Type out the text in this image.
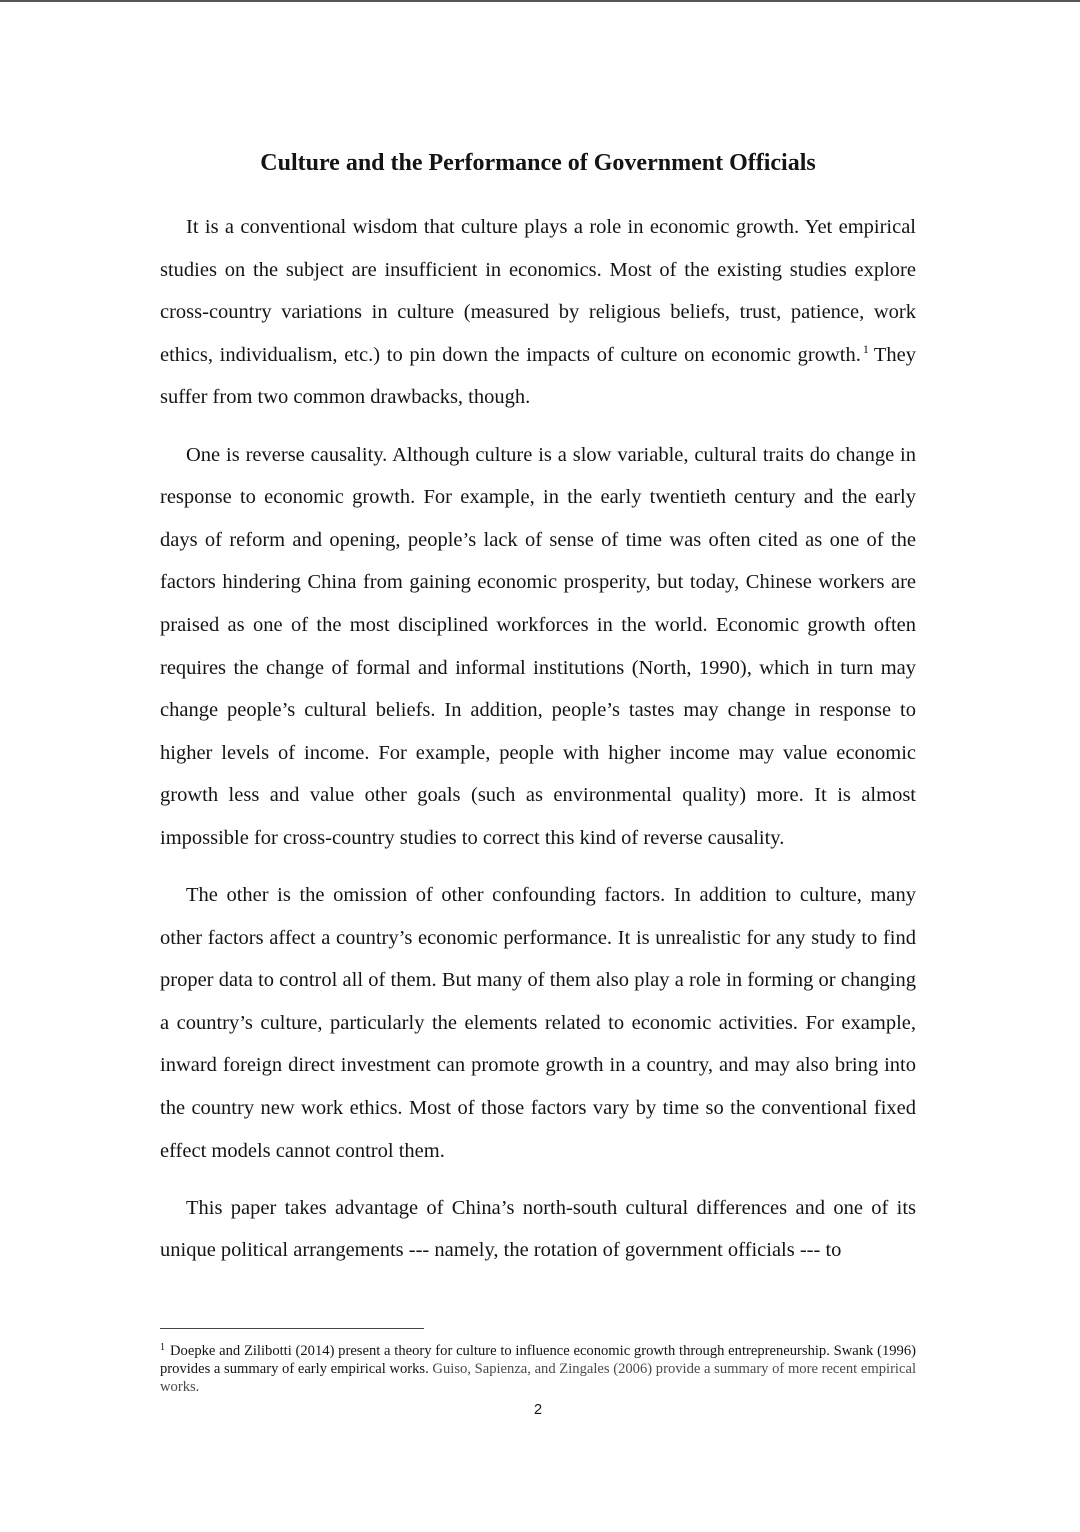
Culture and the Performance of Government Officials

It is a conventional wisdom that culture plays a role in economic growth. Yet empirical studies on the subject are insufficient in economics. Most of the existing studies explore cross-country variations in culture (measured by religious beliefs, trust, patience, work ethics, individualism, etc.) to pin down the impacts of culture on economic growth. $^1$ They suffer from two common drawbacks, though.

One is reverse causality. Although culture is a slow variable, cultural traits do change in response to economic growth. For example, in the early twentieth century and the early days of reform and opening, people’s lack of sense of time was often cited as one of the factors hindering China from gaining economic prosperity, but today, Chinese workers are praised as one of the most disciplined workforces in the world. Economic growth often requires the change of formal and informal institutions (North, 1990), which in turn may change people’s cultural beliefs. In addition, people’s tastes may change in response to higher levels of income. For example, people with higher income may value economic growth less and value other goals (such as environmental quality) more. It is almost impossible for cross-country studies to correct this kind of reverse causality.

The other is the omission of other confounding factors. In addition to culture, many other factors affect a country’s economic performance. It is unrealistic for any study to find proper data to control all of them. But many of them also play a role in forming or changing a country’s culture, particularly the elements related to economic activities. For example, inward foreign direct investment can promote growth in a country, and may also bring into the country new work ethics. Most of those factors vary by time so the conventional fixed effect models cannot control them.

This paper takes advantage of China’s north-south cultural differences and one of its unique political arrangements --- namely, the rotation of government officials --- to

$^1$ Doepke and Zilibotti (2014) present a theory for culture to influence economic growth through entrepreneurship. Swank (1996) provides a summary of early empirical works. Guiso, Sapienza, and Zingales (2006) provide a summary of more recent empirical works.

2
